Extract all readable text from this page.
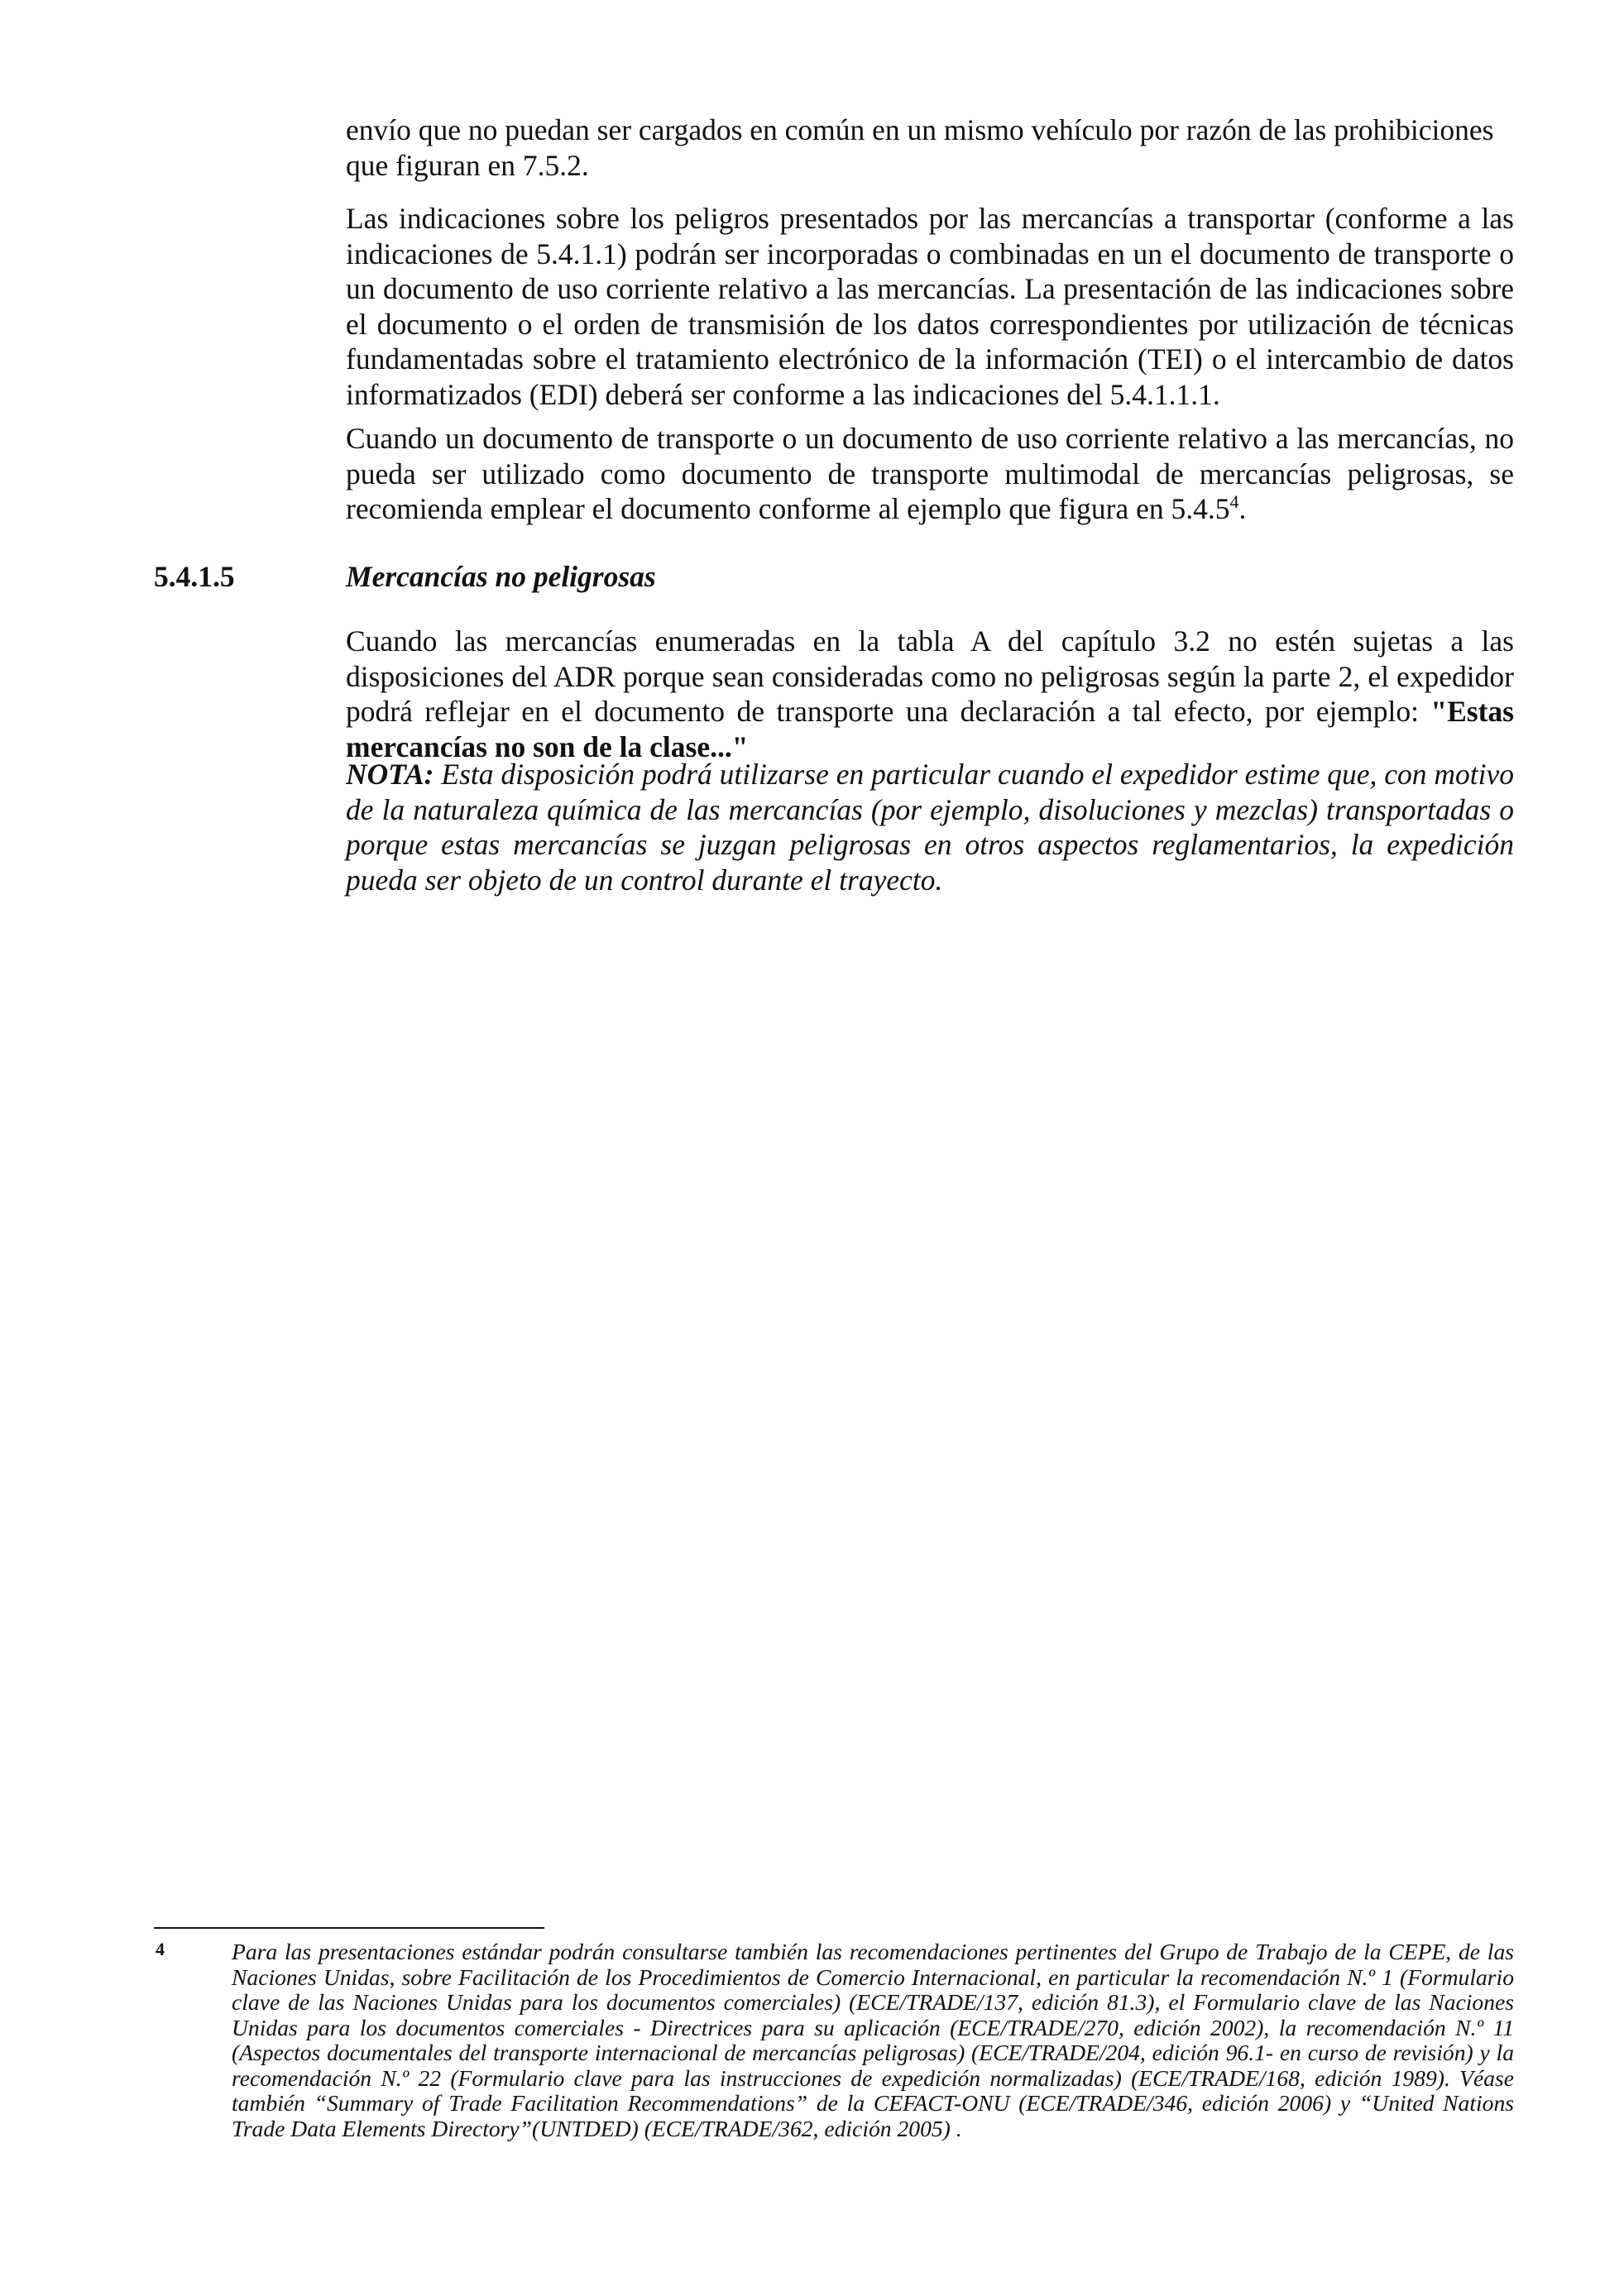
envío que no puedan ser cargados en común en un mismo vehículo por razón de las prohibiciones que figuran en 7.5.2.

Las indicaciones sobre los peligros presentados por las mercancías a transportar (conforme a las indicaciones de 5.4.1.1) podrán ser incorporadas o combinadas en un el documento de transporte o un documento de uso corriente relativo a las mercancías. La presentación de las indicaciones sobre el documento o el orden de transmisión de los datos correspondientes por utilización de técnicas fundamentadas sobre el tratamiento electrónico de la información (TEI) o el intercambio de datos informatizados (EDI) deberá ser conforme a las indicaciones del 5.4.1.1.1.

Cuando un documento de transporte o un documento de uso corriente relativo a las mercancías, no pueda ser utilizado como documento de transporte multimodal de mercancías peligrosas, se recomienda emplear el documento conforme al ejemplo que figura en 5.4.5$^4$.

5.4.1.5	Mercancías no peligrosas

Cuando las mercancías enumeradas en la tabla A del capítulo 3.2 no estén sujetas a las disposiciones del ADR porque sean consideradas como no peligrosas según la parte 2, el expedidor podrá reflejar en el documento de transporte una declaración a tal efecto, por ejemplo: "Estas mercancías no son de la clase..."

NOTA: Esta disposición podrá utilizarse en particular cuando el expedidor estime que, con motivo de la naturaleza química de las mercancías (por ejemplo, disoluciones y mezclas) transportadas o porque estas mercancías se juzgan peligrosas en otros aspectos reglamentarios, la expedición pueda ser objeto de un control durante el trayecto.

4	Para las presentaciones estándar podrán consultarse también las recomendaciones pertinentes del Grupo de Trabajo de la CEPE, de las Naciones Unidas, sobre Facilitación de los Procedimientos de Comercio Internacional, en particular la recomendación N.º 1 (Formulario clave de las Naciones Unidas para los documentos comerciales) (ECE/TRADE/137, edición 81.3), el Formulario clave de las Naciones Unidas para los documentos comerciales - Directrices para su aplicación (ECE/TRADE/270, edición 2002), la recomendación N.º 11 (Aspectos documentales del transporte internacional de mercancías peligrosas) (ECE/TRADE/204, edición 96.1- en curso de revisión) y la recomendación N.º 22 (Formulario clave para las instrucciones de expedición normalizadas) (ECE/TRADE/168, edición 1989). Véase también “Summary of Trade Facilitation Recommendations” de la CEFACT-ONU (ECE/TRADE/346, edición 2006) y “United Nations Trade Data Elements Directory”(UNTDED) (ECE/TRADE/362, edición 2005) .
